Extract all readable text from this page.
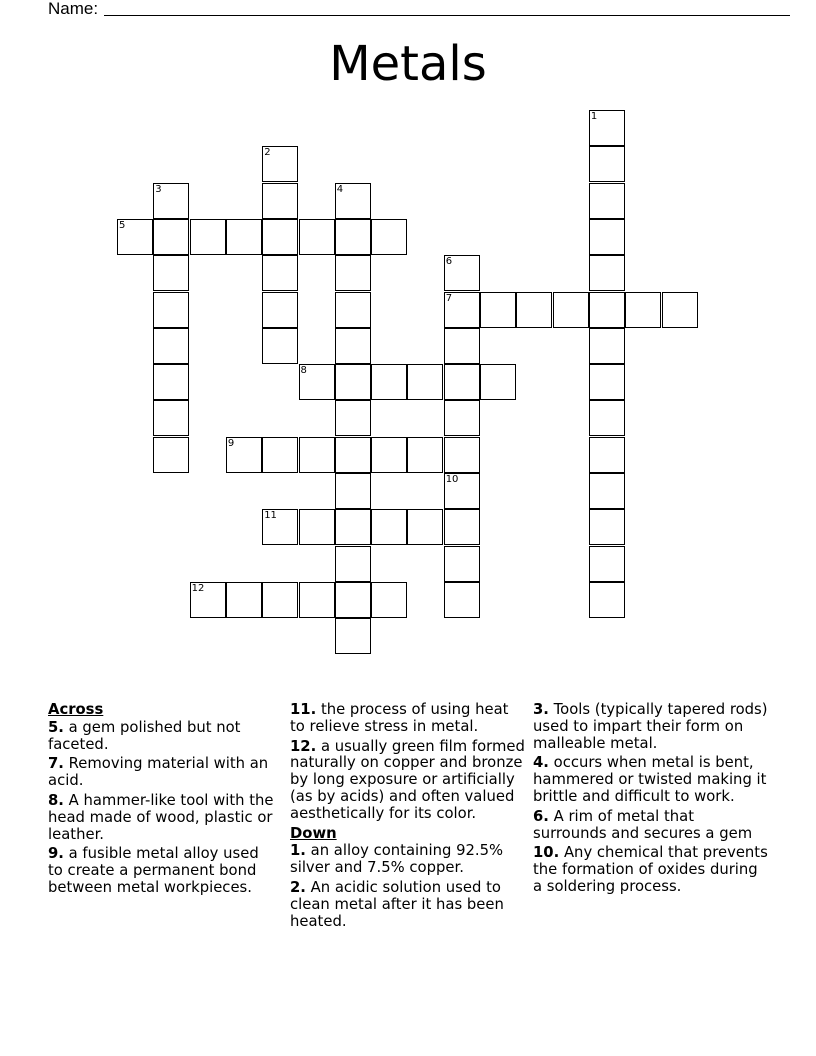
Name:
Metals
1
2
3	4
5
6
7
8
9
10
11
12
Across
5. a gem polished but not faceted.
7. Removing material with an acid.
8. A hammer-like tool with the head made of wood, plastic or leather.
9. a fusible metal alloy used to create a permanent bond between metal workpieces.
11. the process of using heat to relieve stress in metal.
12. a usually green film formed naturally on copper and bronze by long exposure or artificially (as by acids) and often valued aesthetically for its color.
Down
1. an alloy containing 92.5% silver and 7.5% copper.
2. An acidic solution used to clean metal after it has been heated.
3. Tools (typically tapered rods) used to impart their form on malleable metal.
4. occurs when metal is bent, hammered or twisted making it brittle and difficult to work.
6. A rim of metal that surrounds and secures a gem
10. Any chemical that prevents the formation of oxides during a soldering process.
